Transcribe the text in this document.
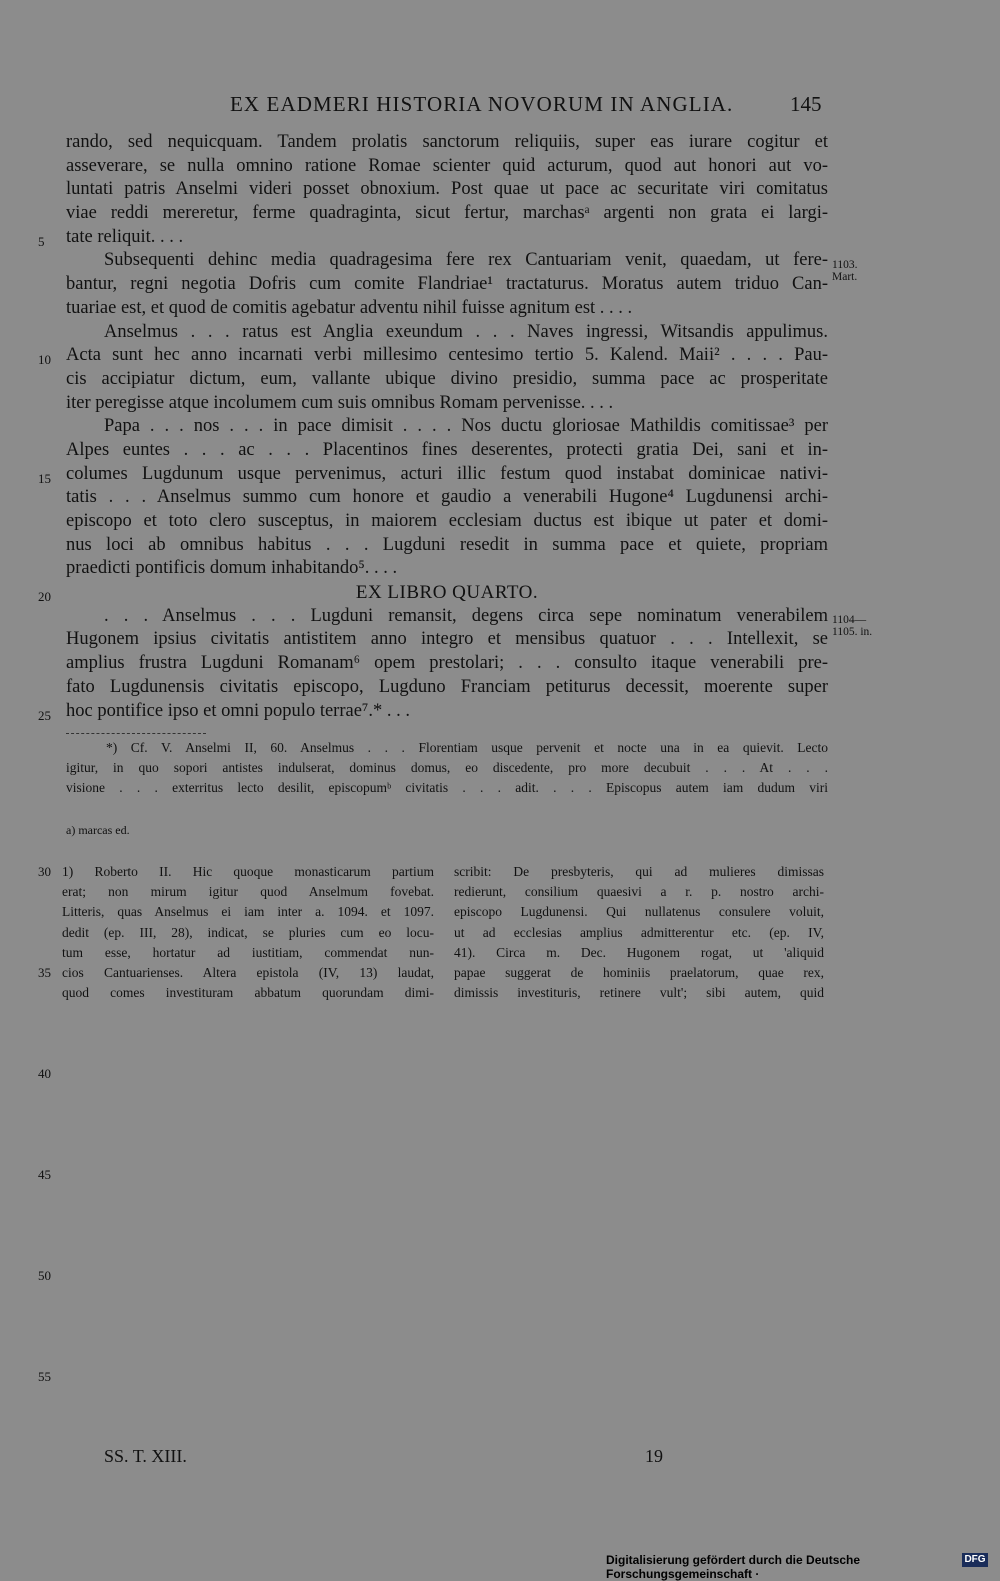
EX EADMERI HISTORIA NOVORUM IN ANGLIA.	145
rando, sed nequicquam. Tandem prolatis sanctorum reliquiis, super eas iurare cogitur et
asseverare, se nulla omnino ratione Romae scienter quid acturum, quod aut honori aut vo-
luntati patris Anselmi videri posset obnoxium. Post quae ut pace ac securitate viri comitatus
viae reddi mereretur, ferme quadraginta, sicut fertur, marchasᵃ argenti non grata ei largi-
tate reliquit. . . .
Subsequenti dehinc media quadragesima fere rex Cantuariam venit, quaedam, ut fere-
bantur, regni negotia Dofris cum comite Flandriae¹ tractaturus. Moratus autem triduo Can-
tuariae est, et quod de comitis agebatur adventu nihil fuisse agnitum est . . . .
Anselmus . . . ratus est Anglia exeundum . . . Naves ingressi, Witsandis appulimus.
Acta sunt hec anno incarnati verbi millesimo centesimo tertio 5. Kalend. Maii² . . . . Pau-
cis accipiatur dictum, eum, vallante ubique divino presidio, summa pace ac prosperitate
iter peregisse atque incolumem cum suis omnibus Romam pervenisse. . . .
Papa . . . nos . . . in pace dimisit . . . . Nos ductu gloriosae Mathildis comitissae³ per
Alpes euntes . . . ac . . . Placentinos fines deserentes, protecti gratia Dei, sani et in-
columes Lugdunum usque pervenimus, acturi illic festum quod instabat dominicae nativi-
tatis . . . Anselmus summo cum honore et gaudio a venerabili Hugone⁴ Lugdunensi archi-
episcopo et toto clero susceptus, in maiorem ecclesiam ductus est ibique ut pater et domi-
nus loci ab omnibus habitus . . . Lugduni resedit in summa pace et quiete, propriam
praedicti pontificis domum inhabitando⁵. . . .
EX LIBRO QUARTO.
. . . Anselmus . . . Lugduni remansit, degens circa sepe nominatum venerabilem
Hugonem ipsius civitatis antistitem anno integro et mensibus quatuor . . . Intellexit, se
amplius frustra Lugduni Romanam⁶ opem prestolari; . . . consulto itaque venerabili pre-
fato Lugdunensis civitatis episcopo, Lugduno Franciam petiturus decessit, moerente super
hoc pontifice ipso et omni populo terrae⁷.* . . .
5
10
15
20
25
1103.
Mart.
1104—
1105. in.
*) Cf. V. Anselmi II, 60. Anselmus . . . Florentiam usque pervenit et nocte una in ea quievit. Lecto
igitur, in quo sopori antistes indulserat, dominus domus, eo discedente, pro more decubuit . . . At . . .
visione . . . exterritus lecto desilit, episcopumᵇ civitatis . . . adit. . . . Episcopus autem iam dudum viri
a) marcas ed.
30
35
40
45
50
55
1) Roberto II. Hic quoque monasticarum partium
erat; non mirum igitur quod Anselmum fovebat.
Litteris, quas Anselmus ei iam inter a. 1094. et 1097.
dedit (ep. III, 28), indicat, se pluries cum eo locu-
tum esse, hortatur ad iustitiam, commendat nun-
cios Cantuarienses. Altera epistola (IV, 13) laudat,
quod comes investituram abbatum quorundam dimi-
scribit: De presbyteris, qui ad mulieres dimissas
redierunt, consilium quaesivi a r. p. nostro archi-
episcopo Lugdunensi. Qui nullatenus consulere voluit,
ut ad ecclesias amplius admitterentur etc. (ep. IV,
41). Circa m. Dec. Hugonem rogat, ut 'aliquid
papae suggerat de hominiis praelatorum, quae rex,
dimissis investituris, retinere vult'; sibi autem, quid
SS. T. XIII.	19
Digitalisierung gefördert durch die Deutsche Forschungsgemeinschaft ·
DFG
